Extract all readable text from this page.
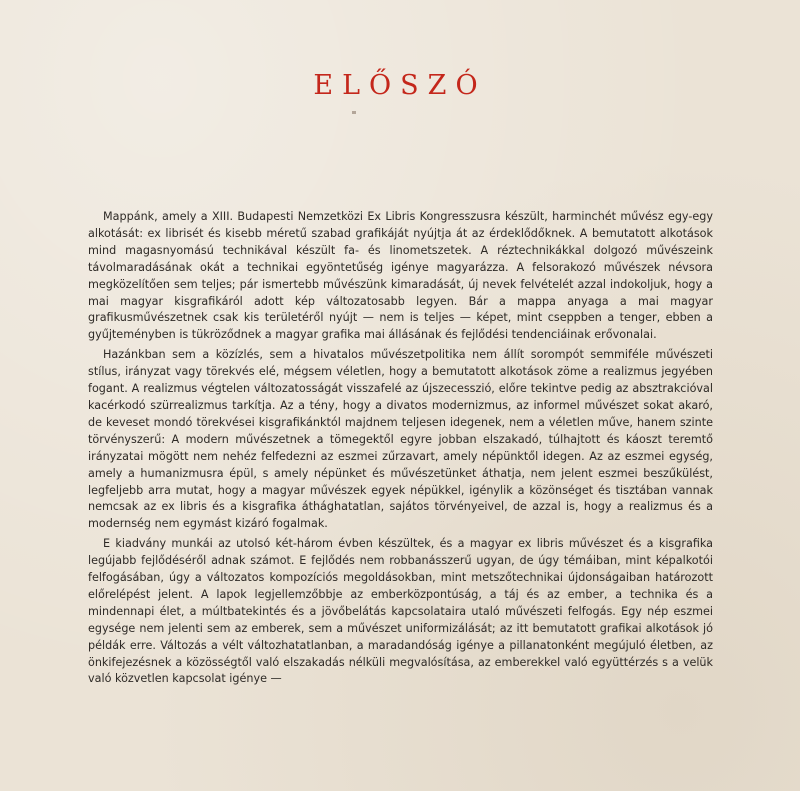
ELŐSZÓ

Mappánk, amely a XIII. Budapesti Nemzetközi Ex Libris Kongresszusra készült, harminchét művész egy-egy alkotását: ex librisét és kisebb méretű szabad grafikáját nyújtja át az érdeklődőknek. A bemutatott alkotások mind magasnyomású technikával készült fa- és linometszetek. A réztechnikákkal dolgozó művészeink távolmaradásának okát a technikai egyöntetűség igénye magyarázza. A felsorakozó művészek névsora megközelítően sem teljes; pár ismertebb művészünk kimaradását, új nevek felvételét azzal indokoljuk, hogy a mai magyar kisgrafikáról adott kép változatosabb legyen. Bár a mappa anyaga a mai magyar grafikusművészetnek csak kis területéről nyújt — nem is teljes — képet, mint cseppben a tenger, ebben a gyűjteményben is tükröződnek a magyar grafika mai állásának és fejlődési tendenciáinak erővonalai.

Hazánkban sem a közízlés, sem a hivatalos művészetpolitika nem állít sorompót semmiféle művészeti stílus, irányzat vagy törekvés elé, mégsem véletlen, hogy a bemutatott alkotások zöme a realizmus jegyében fogant. A realizmus végtelen változatosságát visszafelé az újszecesszió, előre tekintve pedig az absztrakcióval kacérkodó szürrealizmus tarkítja. Az a tény, hogy a divatos modernizmus, az informel művészet sokat akaró, de keveset mondó törekvései kisgrafikánktól majdnem teljesen idegenek, nem a véletlen műve, hanem szinte törvényszerű: A modern művészetnek a tömegektől egyre jobban elszakadó, túlhajtott és káoszt teremtő irányzatai mögött nem nehéz felfedezni az eszmei zűrzavart, amely népünktől idegen. Az az eszmei egység, amely a humanizmusra épül, s amely népünket és művészetünket áthatja, nem jelent eszmei beszűkülést, legfeljebb arra mutat, hogy a magyar művészek egyek népükkel, igénylik a közönséget és tisztában vannak nemcsak az ex libris és a kisgrafika áthághatatlan, sajátos törvényeivel, de azzal is, hogy a realizmus és a modernség nem egymást kizáró fogalmak.

E kiadvány munkái az utolsó két-három évben készültek, és a magyar ex libris művészet és a kisgrafika legújabb fejlődéséről adnak számot. E fejlődés nem robbanásszerű ugyan, de úgy témáiban, mint képalkotói felfogásában, úgy a változatos kompozíciós megoldásokban, mint metszőtechnikai újdonságaiban határozott előrelépést jelent. A lapok legjellemzőbbje az emberközpontúság, a táj és az ember, a technika és a mindennapi élet, a múltbatekintés és a jövőbelátás kapcsolataira utaló művészeti felfogás. Egy nép eszmei egysége nem jelenti sem az emberek, sem a művészet uniformizálását; az itt bemutatott grafikai alkotások jó példák erre. Változás a vélt változhatatlanban, a maradandóság igénye a pillanatonként megújuló életben, az önkifejezésnek a közösségtől való elszakadás nélküli megvalósítása, az emberekkel való együttérzés s a velük való közvetlen kapcsolat igénye —
